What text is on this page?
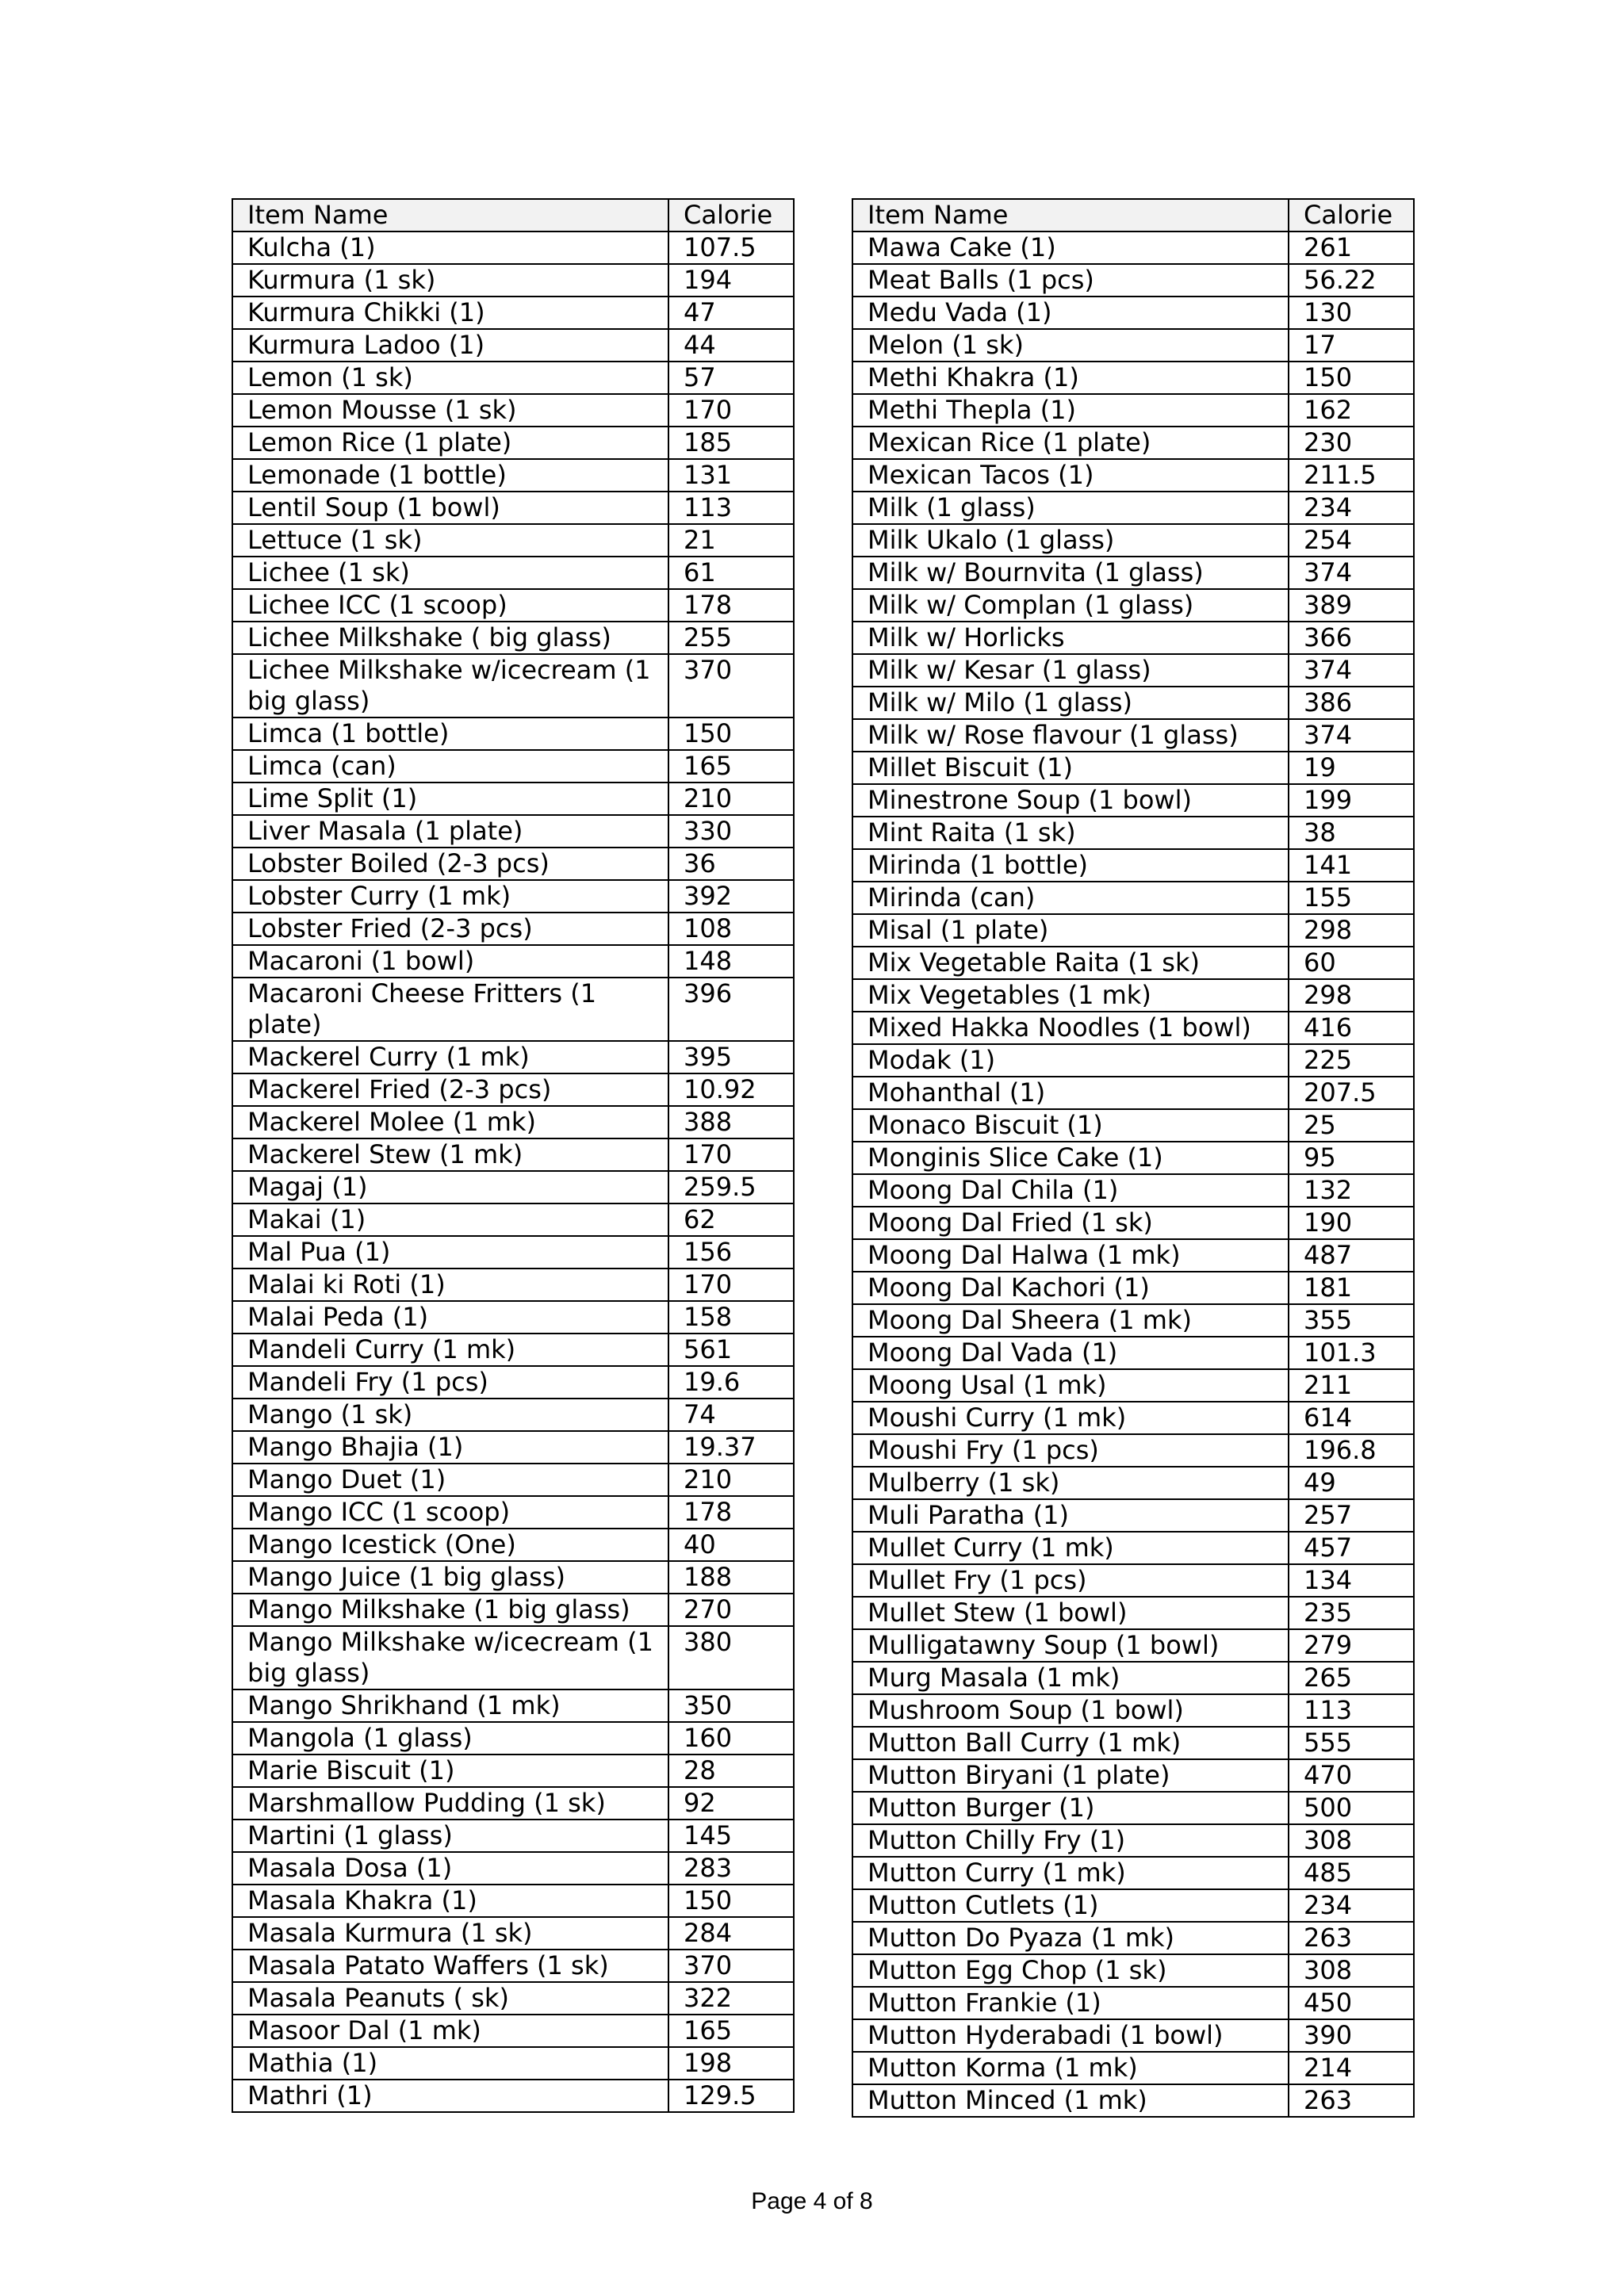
Item Name	Calorie
Kulcha (1)	107.5
Kurmura (1 sk)	194
Kurmura Chikki (1)	47
Kurmura Ladoo (1)	44
Lemon (1 sk)	57
Lemon Mousse (1 sk)	170
Lemon Rice (1 plate)	185
Lemonade (1 bottle)	131
Lentil Soup (1 bowl)	113
Lettuce (1 sk)	21
Lichee (1 sk)	61
Lichee ICC (1 scoop)	178
Lichee Milkshake ( big glass)	255
Lichee Milkshake w/icecream (1 big glass)	370
Limca (1 bottle)	150
Limca (can)	165
Lime Split (1)	210
Liver Masala (1 plate)	330
Lobster Boiled (2-3 pcs)	36
Lobster Curry (1 mk)	392
Lobster Fried (2-3 pcs)	108
Macaroni (1 bowl)	148
Macaroni Cheese Fritters (1 plate)	396
Mackerel Curry (1 mk)	395
Mackerel Fried (2-3 pcs)	10.92
Mackerel Molee (1 mk)	388
Mackerel Stew (1 mk)	170
Magaj (1)	259.5
Makai (1)	62
Mal Pua (1)	156
Malai ki Roti (1)	170
Malai Peda (1)	158
Mandeli Curry (1 mk)	561
Mandeli Fry (1 pcs)	19.6
Mango (1 sk)	74
Mango Bhajia (1)	19.37
Mango Duet (1)	210
Mango ICC (1 scoop)	178
Mango Icestick (One)	40
Mango Juice (1 big glass)	188
Mango Milkshake (1 big glass)	270
Mango Milkshake w/icecream (1 big glass)	380
Mango Shrikhand (1 mk)	350
Mangola (1 glass)	160
Marie Biscuit (1)	28
Marshmallow Pudding (1 sk)	92
Martini (1 glass)	145
Masala Dosa (1)	283
Masala Khakra (1)	150
Masala Kurmura (1 sk)	284
Masala Patato Waffers (1 sk)	370
Masala Peanuts ( sk)	322
Masoor Dal (1 mk)	165
Mathia (1)	198
Mathri (1)	129.5
Item Name	Calorie
Mawa Cake (1)	261
Meat Balls (1 pcs)	56.22
Medu Vada (1)	130
Melon (1 sk)	17
Methi Khakra (1)	150
Methi Thepla (1)	162
Mexican Rice (1 plate)	230
Mexican Tacos (1)	211.5
Milk (1 glass)	234
Milk Ukalo (1 glass)	254
Milk w/ Bournvita (1 glass)	374
Milk w/ Complan (1 glass)	389
Milk w/ Horlicks	366
Milk w/ Kesar (1 glass)	374
Milk w/ Milo (1 glass)	386
Milk w/ Rose flavour (1 glass)	374
Millet Biscuit (1)	19
Minestrone Soup (1 bowl)	199
Mint Raita (1 sk)	38
Mirinda (1 bottle)	141
Mirinda (can)	155
Misal (1 plate)	298
Mix Vegetable Raita (1 sk)	60
Mix Vegetables (1 mk)	298
Mixed Hakka Noodles (1 bowl)	416
Modak (1)	225
Mohanthal (1)	207.5
Monaco Biscuit (1)	25
Monginis Slice Cake (1)	95
Moong Dal Chila (1)	132
Moong Dal Fried (1 sk)	190
Moong Dal Halwa (1 mk)	487
Moong Dal Kachori (1)	181
Moong Dal Sheera (1 mk)	355
Moong Dal Vada (1)	101.3
Moong Usal (1 mk)	211
Moushi Curry (1 mk)	614
Moushi Fry (1 pcs)	196.8
Mulberry (1 sk)	49
Muli Paratha (1)	257
Mullet Curry (1 mk)	457
Mullet Fry (1 pcs)	134
Mullet Stew (1 bowl)	235
Mulligatawny Soup (1 bowl)	279
Murg Masala (1 mk)	265
Mushroom Soup (1 bowl)	113
Mutton Ball Curry (1 mk)	555
Mutton Biryani (1 plate)	470
Mutton Burger (1)	500
Mutton Chilly Fry (1)	308
Mutton Curry (1 mk)	485
Mutton Cutlets (1)	234
Mutton Do Pyaza (1 mk)	263
Mutton Egg Chop (1 sk)	308
Mutton Frankie (1)	450
Mutton Hyderabadi (1 bowl)	390
Mutton Korma (1 mk)	214
Mutton Minced (1 mk)	263
Page 4 of 8
